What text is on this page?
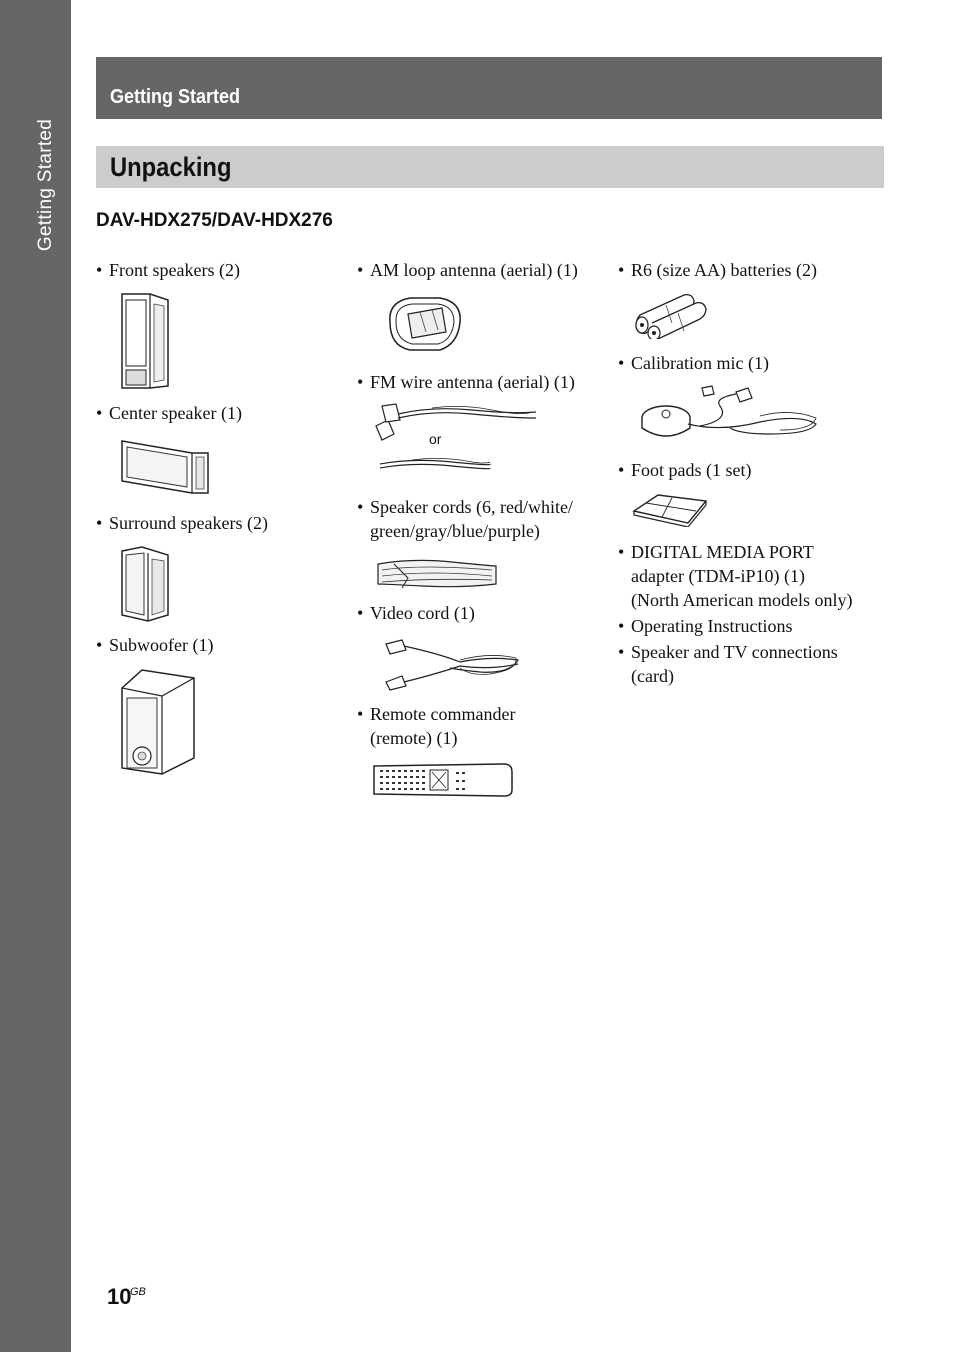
Getting Started
Getting Started
Unpacking
DAV-HDX275/DAV-HDX276
• Front speakers (2)
• Center speaker (1)
• Surround speakers (2)
• Subwoofer (1)
• AM loop antenna (aerial) (1)
• FM wire antenna (aerial) (1)
or
• Speaker cords (6, red/white/
green/gray/blue/purple)
• Video cord (1)
• Remote commander
(remote) (1)
• R6 (size AA) batteries (2)
• Calibration mic (1)
• Foot pads (1 set)
• DIGITAL MEDIA PORT
adapter (TDM-iP10) (1)
(North American models only)
• Operating Instructions
• Speaker and TV connections
(card)
10
GB
